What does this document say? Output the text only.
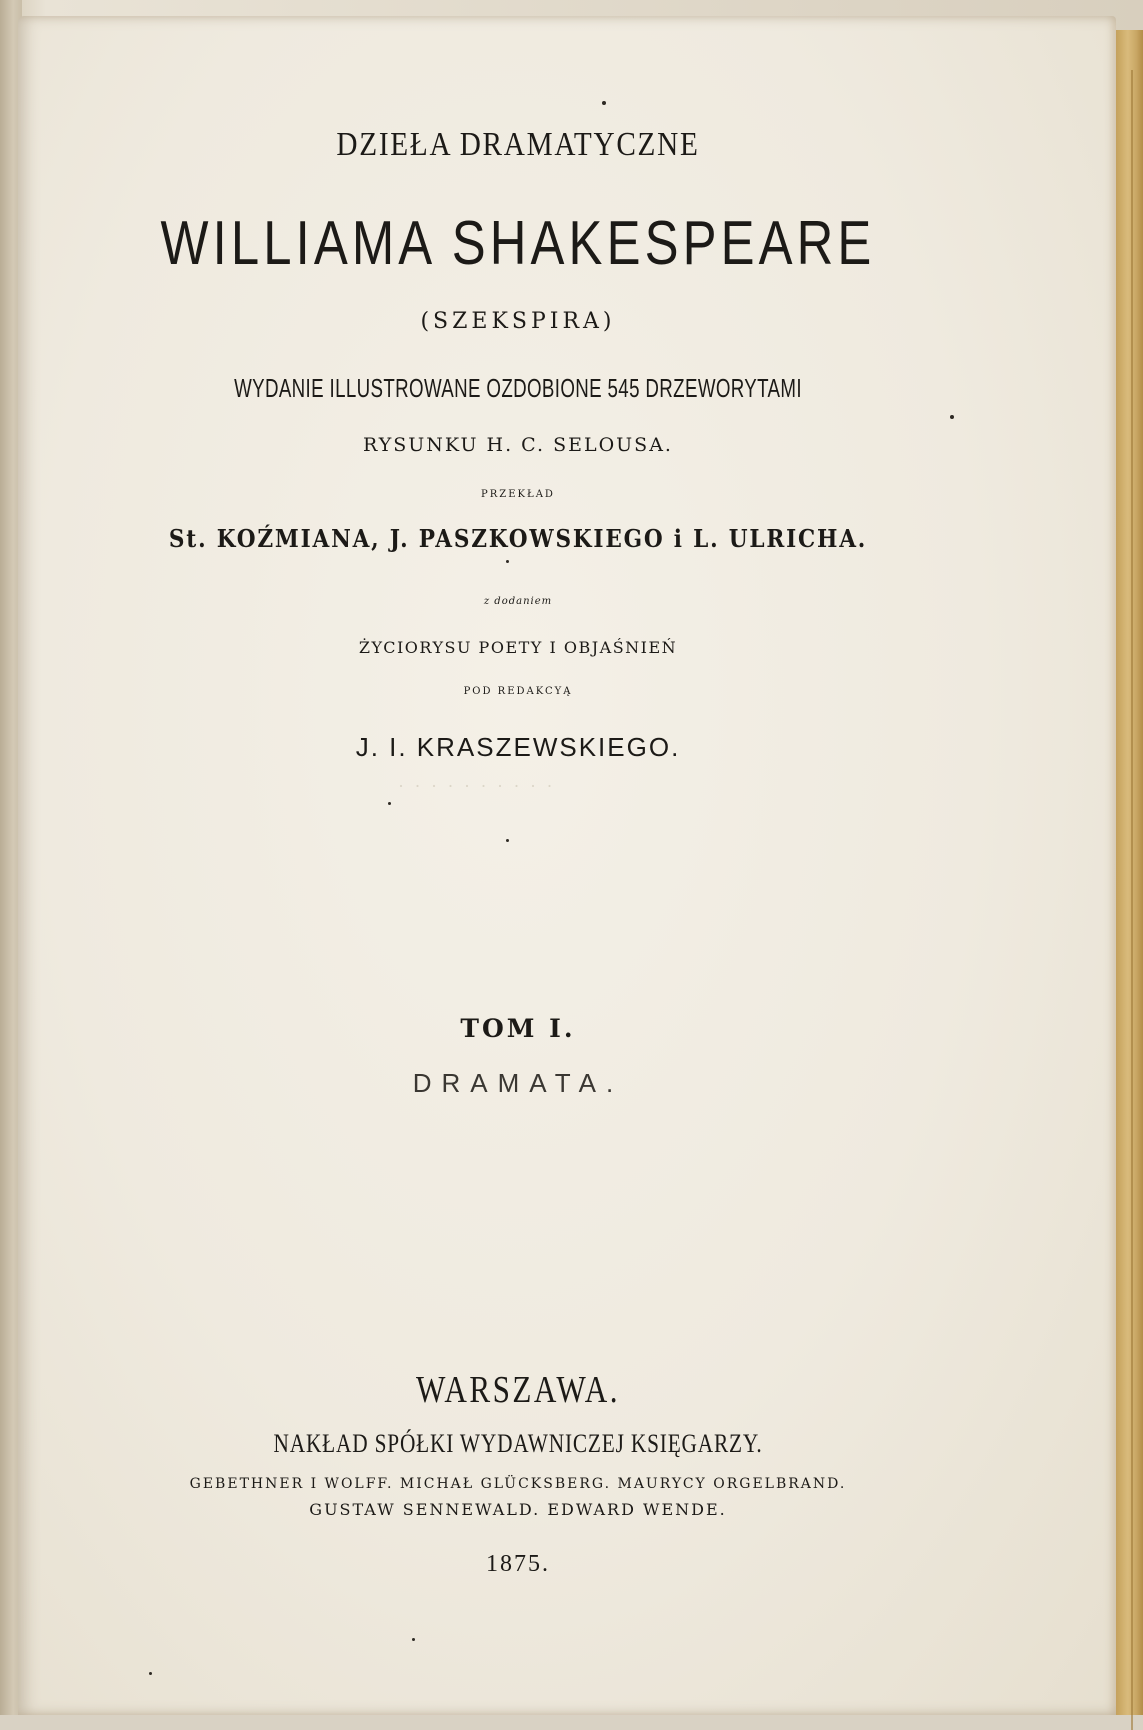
· · · · · · · · · ·
DZIEŁA DRAMATYCZNE
WILLIAMA SHAKESPEARE
(SZEKSPIRA)
WYDANIE ILLUSTROWANE OZDOBIONE 545 DRZEWORYTAMI
RYSUNKU H. C. SELOUSA.
PRZEKŁAD
St. KOŹMIANA, J. PASZKOWSKIEGO i L. ULRICHA.
z dodaniem
ŻYCIORYSU POETY I OBJAŚNIEŃ
POD REDAKCYĄ
J. I. KRASZEWSKIEGO.
TOM I.
DRAMATA.
WARSZAWA.
NAKŁAD SPÓŁKI WYDAWNICZEJ KSIĘGARZY.
GEBETHNER I WOLFF. MICHAŁ GLÜCKSBERG. MAURYCY ORGELBRAND.
GUSTAW SENNEWALD. EDWARD WENDE.
1875.
